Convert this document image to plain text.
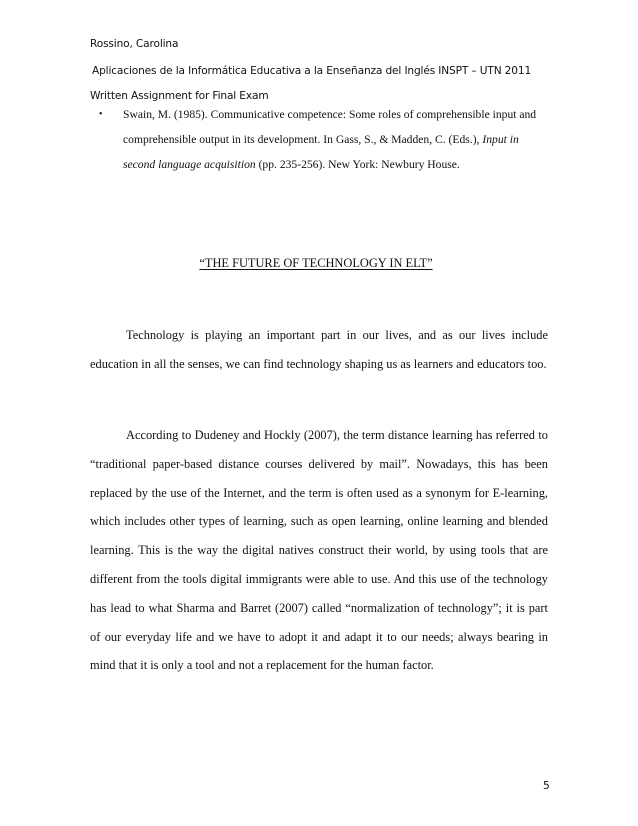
Rossino, Carolina
Aplicaciones de la Informática Educativa a la Enseñanza del Inglés INSPT – UTN 2011
Written Assignment for Final Exam
•	Swain, M. (1985). Communicative competence: Some roles of comprehensible input and
comprehensible output in its development. In Gass, S., & Madden, C. (Eds.), Input in
second language acquisition (pp. 235-256). New York: Newbury House.
“THE FUTURE OF TECHNOLOGY IN ELT”

Technology is playing an important part in our lives, and as our lives include education in all the senses, we can find technology shaping us as learners and educators too.

According to Dudeney and Hockly (2007), the term distance learning has referred to “traditional paper-based distance courses delivered by mail”. Nowadays, this has been replaced by the use of the Internet, and the term is often used as a synonym for E-learning, which includes other types of learning, such as open learning, online learning and blended learning. This is the way the digital natives construct their world, by using tools that are different from the tools digital immigrants were able to use. And this use of the technology has lead to what Sharma and Barret (2007) called “normalization of technology”; it is part of our everyday life and we have to adopt it and adapt it to our needs; always bearing in mind that it is only a tool and not a replacement for the human factor.

5
